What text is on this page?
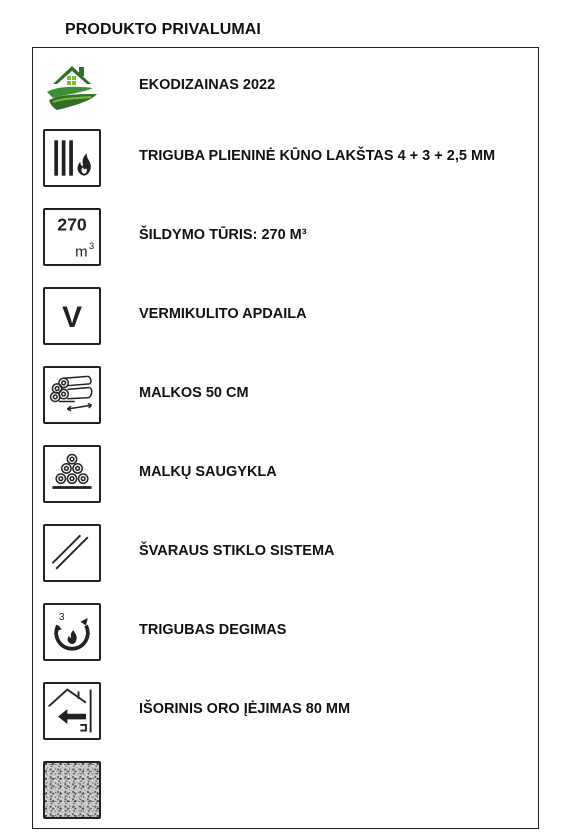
PRODUKTO PRIVALUMAI
EKODIZAINAS 2022
TRIGUBA PLIENINĖ KŪNO LAKŠTAS 4 + 3 + 2,5 MM
270
m 3
ŠILDYMO TŪRIS: 270 M³
V	VERMIKULITO APDAILA
MALKOS 50 CM
MALKŲ SAUGYKLA
ŠVARAUS STIKLO SISTEMA
3
TRIGUBAS DEGIMAS
IŠORINIS ORO ĮĖJIMAS 80 MM
